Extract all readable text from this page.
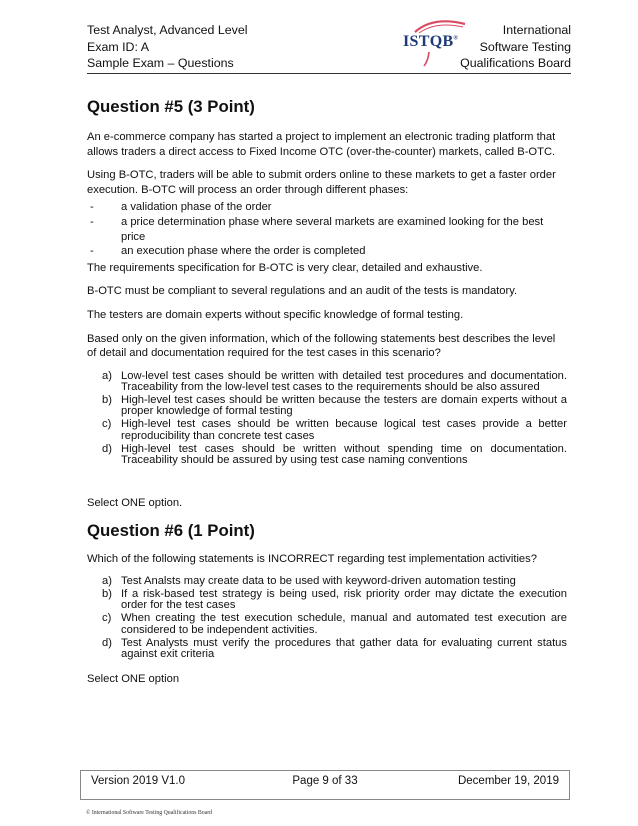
Test Analyst, Advanced Level
Exam ID: A
Sample Exam – Questions
ISTQB®
International
Software Testing
Qualifications Board
Question #5 (3 Point)

An e-commerce company has started a project to implement an electronic trading platform that allows traders a direct access to Fixed Income OTC (over-the-counter) markets, called B-OTC.

Using B-OTC, traders will be able to submit orders online to these markets to get a faster order execution. B-OTC will process an order through different phases:

- a validation phase of the order
- a price determination phase where several markets are examined looking for the best price
- an execution phase where the order is completed

The requirements specification for B-OTC is very clear, detailed and exhaustive.

B-OTC must be compliant to several regulations and an audit of the tests is mandatory.

The testers are domain experts without specific knowledge of formal testing.

Based only on the given information, which of the following statements best describes the level of detail and documentation required for the test cases in this scenario?

a) Low-level test cases should be written with detailed test procedures and documentation. Traceability from the low-level test cases to the requirements should be also assured
b) High-level test cases should be written because the testers are domain experts without a proper knowledge of formal testing
c) High-level test cases should be written because logical test cases provide a better reproducibility than concrete test cases
d) High-level test cases should be written without spending time on documentation. Traceability should be assured by using test case naming conventions

Select ONE option.

Question #6 (1 Point)

Which of the following statements is INCORRECT regarding test implementation activities?

a) Test Analsts may create data to be used with keyword-driven automation testing
b) If a risk-based test strategy is being used, risk priority order may dictate the execution order for the test cases
c) When creating the test execution schedule, manual and automated test execution are considered to be independent activities.
d) Test Analysts must verify the procedures that gather data for evaluating current status against exit criteria

Select ONE option

Version 2019 V1.0	Page 9 of 33	December 19, 2019
© International Software Testing Qualifications Board
